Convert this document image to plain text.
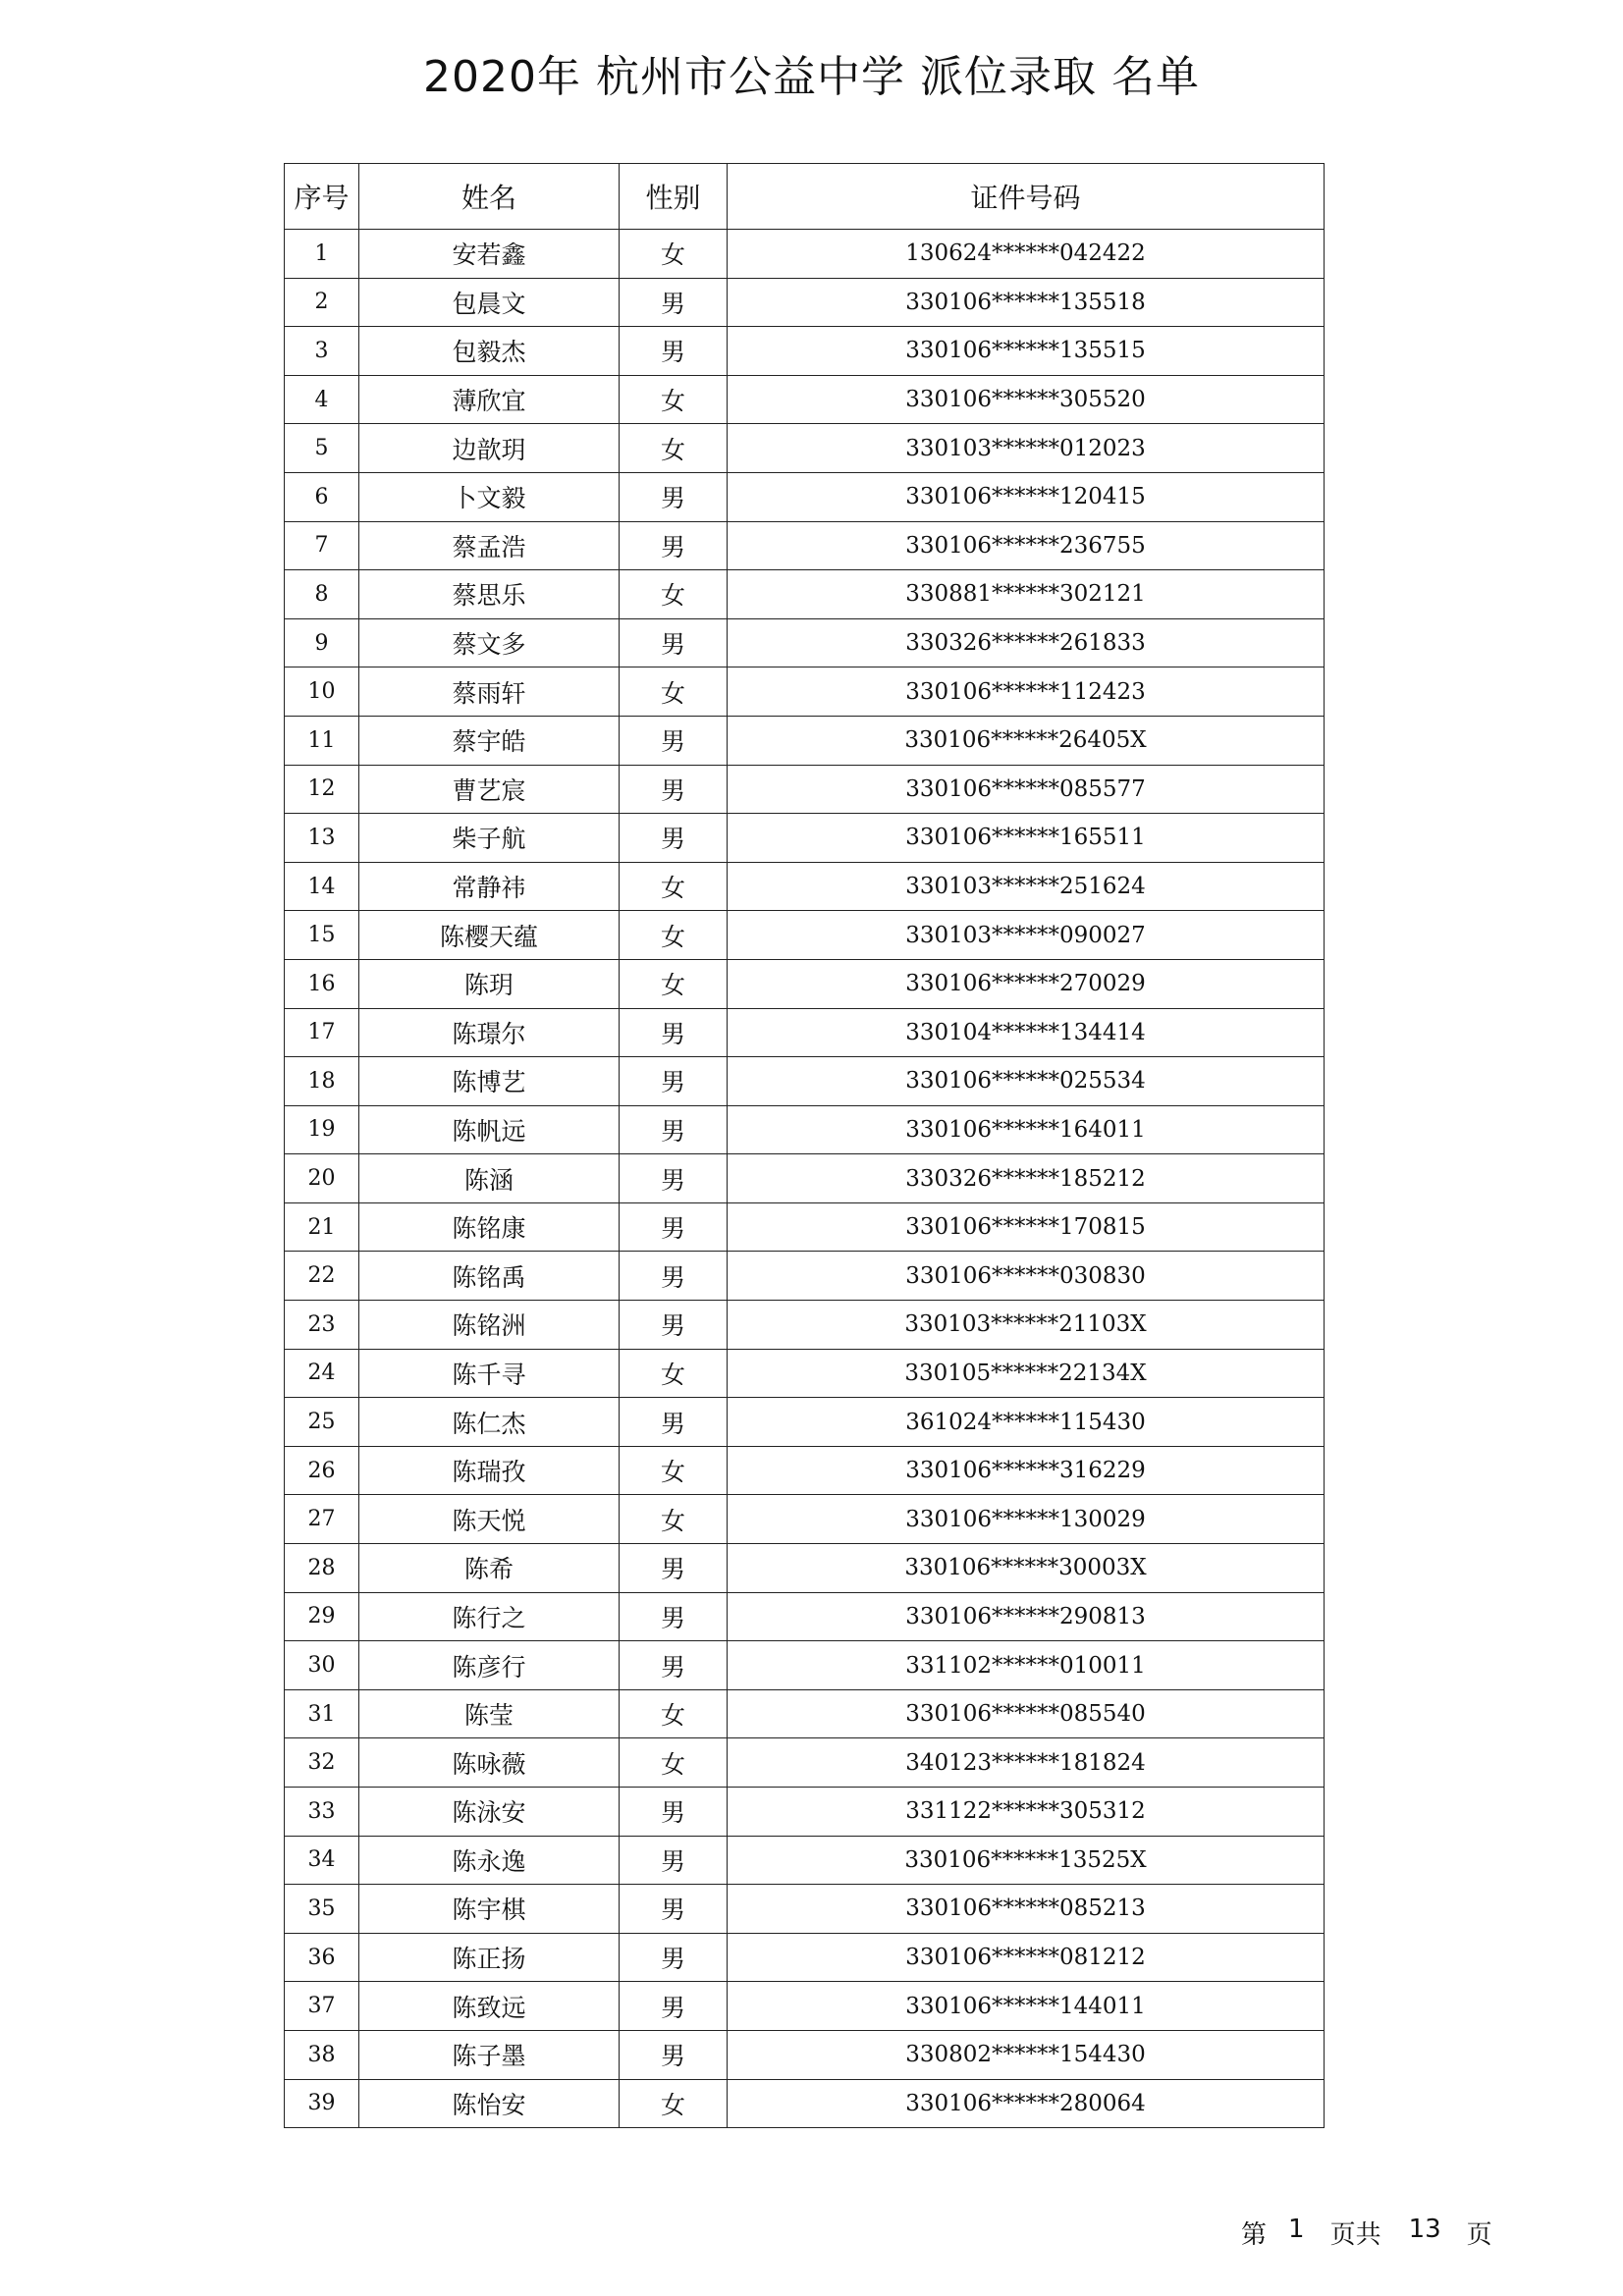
2020年 杭州市公益中学 派位录取 名单
序号	姓名	性别	证件号码
1	安若鑫	女	130624******042422
2	包晨文	男	330106******135518
3	包毅杰	男	330106******135515
4	薄欣宜	女	330106******305520
5	边歆玥	女	330103******012023
6	卜文毅	男	330106******120415
7	蔡孟浩	男	330106******236755
8	蔡思乐	女	330881******302121
9	蔡文多	男	330326******261833
10	蔡雨轩	女	330106******112423
11	蔡宇皓	男	330106******26405X
12	曹艺宸	男	330106******085577
13	柴子航	男	330106******165511
14	常静祎	女	330103******251624
15	陈樱天蕴	女	330103******090027
16	陈玥	女	330106******270029
17	陈璟尔	男	330104******134414
18	陈博艺	男	330106******025534
19	陈帆远	男	330106******164011
20	陈涵	男	330326******185212
21	陈铭康	男	330106******170815
22	陈铭禹	男	330106******030830
23	陈铭洲	男	330103******21103X
24	陈千寻	女	330105******22134X
25	陈仁杰	男	361024******115430
26	陈瑞孜	女	330106******316229
27	陈天悦	女	330106******130029
28	陈希	男	330106******30003X
29	陈行之	男	330106******290813
30	陈彦行	男	331102******010011
31	陈莹	女	330106******085540
32	陈咏薇	女	340123******181824
33	陈泳安	男	331122******305312
34	陈永逸	男	330106******13525X
35	陈宇棋	男	330106******085213
36	陈正扬	男	330106******081212
37	陈致远	男	330106******144011
38	陈子墨	男	330802******154430
39	陈怡安	女	330106******280064
第 1 页共 13 页
